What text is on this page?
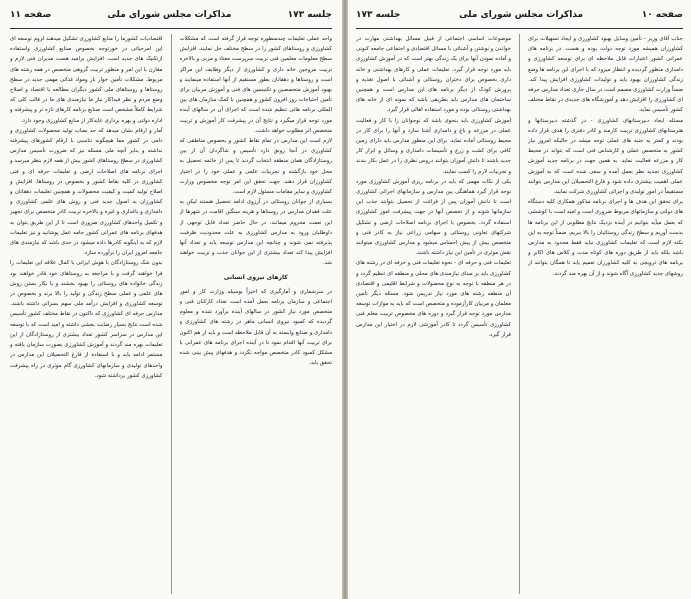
جلسه ۱۷۳
مذاکرات مجلس شورای ملی
صفحه ۱۱

واحد عملی تعلیمات چندمنظوره توجه قرار گرفته است که مشکلات کشاورزی و روستاهای کشور را در سطح مختلف حل نمایند. افزایش سطح معلومات معلمین فنی تربیت سرپرست معتاد و مربی و بالاخره تربیت مروجین خانه داری و کشاورزی از دیگر وظایف این مراکز است و روستاها و دهقانان بطور مستقیم از آنها استفاده مینمایند و بهبود آموزش متخصصین و تکنیسین های فنی و آموزش مربیان برای تأمین احتیاجات روز افزون کشور و همچنین با کمک سازمان های بین المللی برنامه هائی تنظیم شده است که اجرای آن در سالهای آینده مورد توجه قرار میگیرد و نتایج آن در پیشرفت کار آموزش و تربیت متخصص اثر مطلوب خواهد داشت.

لازم است این مدارس در تمام نقاط کشور و بخصوص مناطقی که کشاورزی در آنجا رونق دارد تأسیس و شاگردان آن از بین روستازادگان همان منطقه انتخاب گردند تا پس از خاتمه تحصیل به محل خود بازگشته و تجربیات علمی و عملی خود را در اختیار کشاورزان قرار دهند. جهت تحقق این امر توجه مخصوص وزارت کشاورزی و سایر مقامات مسئول لازم است.

بسیاری از جوانان روستائی در آرزوی ادامه تحصیل هستند لیکن به علت فقدان مدارس در روستاها و هزینه سنگین اقامت در شهرها از این نعمت محروم میمانند. در حال حاضر تعداد قابل توجهی از داوطلبان ورود به مدارس کشاورزی به علت محدودیت ظرفیت پذیرفته نمی شوند و چنانچه این مدارس توسعه یابد و تعداد آنها افزایش پیدا کند تعداد بیشتری از این جوانان جذب و تربیت خواهند شد.

کارهای نیروی انسانی

در سرشماری و آمارگیری که اخیراً بوسیله وزارت کار و امور اجتماعی و سازمان برنامه بعمل آمده است تعداد کارکنان فنی و متخصص مورد نیاز کشور در سالهای آینده برآورد شده و معلوم گردیده که کمبود نیروی انسانی ماهر در رشته های کشاورزی و دامداری و صنایع وابسته به آن قابل ملاحظه است و باید از هم اکنون برای تربیت آنها اقدام نمود تا در آینده اجرای برنامه های عمرانی با مشکل کمبود کادر متخصص مواجه نگردد و هدفهای پیش بینی شده تحقق یابد.

اقتصادیات کشورما را منابع کشاورزی تشکیل میدهند لزوم توسعه ای این امرحیاتی در خورتوجه بخصوص صنایع کشاورزی واستفاده ازتکنیک های جدید است. افزایش برامید هست مدیران فنی لازم و مقارن با این امر و منظور تربیت گروهی متخصص در همه رشته های مربوط. مشکلات تأمین خوار بار ومواد غذائی مهمی جدید در سطح روستاها و روستاهای ملی کشور دیگران مطالعه با اقتصاد و اصلاح وضع مردم و نظر فیداکار نیاز ما نیازمندی های ما در قالب کلی که شرایط کاملاً مشخص است صنایع برنامه کارهای تازه تر و پیشرفته و اداره دولتی و بهره برداری عایدکار از منابع کشاورزی وجود دارد.

آمار و ارقام نشان میدهد که حد نصاب تولید محصولات کشاورزی و دامی در کشور مما هیچگونه تناسبی با ارقام کشورهای پیشرفته نداشته و بنابر آنچه ملی مسئله نیز که ضرورت تأسیس مدارس کشاورزی در سطح روستاهای کشور بیش از همه لازم بنظر میرسد و اجرای برنامه های اصلاحات ارضی و تعلیمات حرفه ای و فنی کشاورزی در کلیه نقاط کشور و بخصوص در روستاها. افزایش و اصلاح تولید کمیت و کیفیت محصولات و همچنین تعلیمات دهقانان و کشاورزان به اصول جدید فنی و روش های علمی کشاورزی و دامداری و باغداری و غیره و بالاخره تربیت کادر متخصص برای تجهیز و تکمیل واحدهای کشاورزی ضروری است تا از این طریق بتوان به هدفهای برنامه های عمرانی کشور جامه عمل پوشانید و نیز تعلیمات لازم که به اینگونه کادرها داده میشود در حدی باشد که نیازمندی های جامعه امروز ایران را برآورده سازد.

بدون شک روستازادگان با هوش ایرانی با کمال علاقه این تعلیمات را فرا خواهند گرفت و با مراجعه به روستاهای خود قادر خواهند بود زندگی خانواده های روستائی را بهبود بخشند و با بکار بستن روش های علمی و عملی سطح زندگی و تولید را بالا برند و بخصوص در توسعه کشاورزی و افزایش درآمد ملی سهم بسزائی داشته باشند. مدارس حرفه ای کشاورزی که تاکنون در نقاط مختلف کشور تأسیس شده است نتایج بسیار رضایت بخشی داشته و امید است که با توسعه این مدارس در سراسر کشور تعداد بیشتری از روستازادگان از این تعلیمات بهره مند گردند و آموزش کشاورزی بصورت سازمان یافته و مستمر ادامه یابد و با استفاده از فارغ التحصیلان این مدارس در واحدهای تولیدی و سازمانهای کشاورزی گام موثری در راه پیشرفت کشاورزی کشور برداشته شود.

صفحه ۱۰
مذاکرات مجلس شورای ملی
جلسه ۱۷۳

جناب آقای وزیر - تأمین وسایل بهبود کشاورزی و ایجاد تسهیلات برای کشاورزان همیشه مورد توجه دولت بوده و هست. در برنامه های عمرانی کشور اعتبارات قابل ملاحظه ای برای توسعه کشاورزی و دامداری منظور گردیده و انتظار میرود که با اجرای این برنامه ها وضع زندگی کشاورزان بهبود یابد و تولیدات کشاورزی افزایش پیدا کند. ضمناً وزارت کشاورزی مصمم است در سال جاری تعداد مدارس حرفه ای کشاورزی را افزایش دهد و آموزشگاه های جدیدی در نقاط مختلف کشور تأسیس نماید.

مسئله ایجاد دبیرستانهای کشاورزی - در گذشته دبیرستانها و هنرستانهای کشاورزی تربیت کارمند و کادر دفتری را هدف قرار داده بودند و کمتر به جنبه های عملی توجه میشد در حالیکه امروز نیاز کشور به متخصص عملی و کارشناس فنی است که بتواند در محیط کار و مزرعه فعالیت نماید. به همین جهت در برنامه جدید آموزش کشاورزی تجدید نظر بعمل آمده و سعی شده است که به آموزش عملی اهمیت بیشتری داده شود و فارغ التحصیلان این مدارس بتوانند مستقیماً در امور تولیدی و اجرائی کشاورزی شرکت نمایند.

برای تحقق این هدف ها و اجرای برنامه مذکور همکاری کلیه دستگاه های دولتی و سازمانهای مربوط ضروری است و امید است با کوششی که بعمل میآید بتوانیم در آینده نزدیک نتایج مطلوبی از این برنامه ها بدست آوریم و سطح زندگی روستائیان را بالا ببریم. ضمناً توجه به این نکته لازم است که تعلیمات کشاورزی نباید فقط محدود به مدارس باشد بلکه باید از طریق دوره های کوتاه مدت و کلاس های اکابر و برنامه های ترویجی به کلیه کشاورزان تعمیم یابد تا همگان بتوانند از روشهای جدید کشاورزی آگاه شوند و از آن بهره مند گردند.

موضوعات اساسی اجتماعی از قبیل مسائل بهداشتی مهارت در خواندن و نوشتن و آشنائی با مسائل اقتصادی و اجتماعی جامعه کنونی و آماده نمودن آنها برای یک زندگی بهتر است که در آموزش کشاورزی باید مورد توجه قرار گیرد. تعلیمات عملی و کارهای بهداشتی و خانه داری بخصوص برای دختران روستائی و آشنائی با اصول تغذیه و پرورش کودک از دیگر برنامه های این مدارس است و همچنین ساختمان های مدارس باید بطریقی باشد که نمونه ای از خانه های بهداشتی روستائی بوده و مورد استفاده اهالی قرار گیرد.

آموزش کشاورزی باید بنحوی باشد که نوجوانان را با کار و فعالیت عملی در مزرعه و باغ و دامداری آشنا سازد و آنها را برای کار در محیط روستائی آماده نماید. برای این منظور مدارس باید دارای زمین کافی برای کشت و زرع و تأسیسات دامداری و وسائل و ابزار کار جدید باشند تا دانش آموزان بتوانند دروس نظری را در عمل بکار بندند و تجربیات لازم را کسب نمایند.

یکی از نکات مهمی که باید در برنامه ریزی آموزش کشاورزی مورد توجه قرار گیرد هماهنگی بین مدارس و سازمانهای اجرائی کشاورزی است تا دانش آموزان پس از فراغت از تحصیل بتوانند جذب این سازمانها شوند و از تخصص آنها در جهت پیشرفت امور کشاورزی استفاده گردد. بخصوص با اجرای برنامه اصلاحات ارضی و تشکیل شرکتهای تعاونی روستائی و سهامی زراعی نیاز به کادر فنی و متخصص بیش از پیش احساس میشود و مدارس کشاورزی میتوانند نقش موثری در تأمین این نیاز داشته باشند.

تعلیمات فنی و حرفه ای - نحوه تعلیمات فنی و حرفه ای در رشته های کشاورزی باید بر مبنای نیازمندی های محلی و منطقه ای تنظیم گردد و در هر منطقه با توجه به نوع محصولات و شرایط اقلیمی و اقتصادی آن منطقه رشته های مورد نیاز تدریس شود. مسئله دیگر تأمین معلمان و مربیان کارآزموده و متخصص است که باید به موازات توسعه مدارس مورد توجه قرار گیرد و دوره های مخصوص تربیت معلم فنی کشاورزی تأسیس گردد تا کادر آموزشی لازم در اختیار این مدارس قرار گیرد.
